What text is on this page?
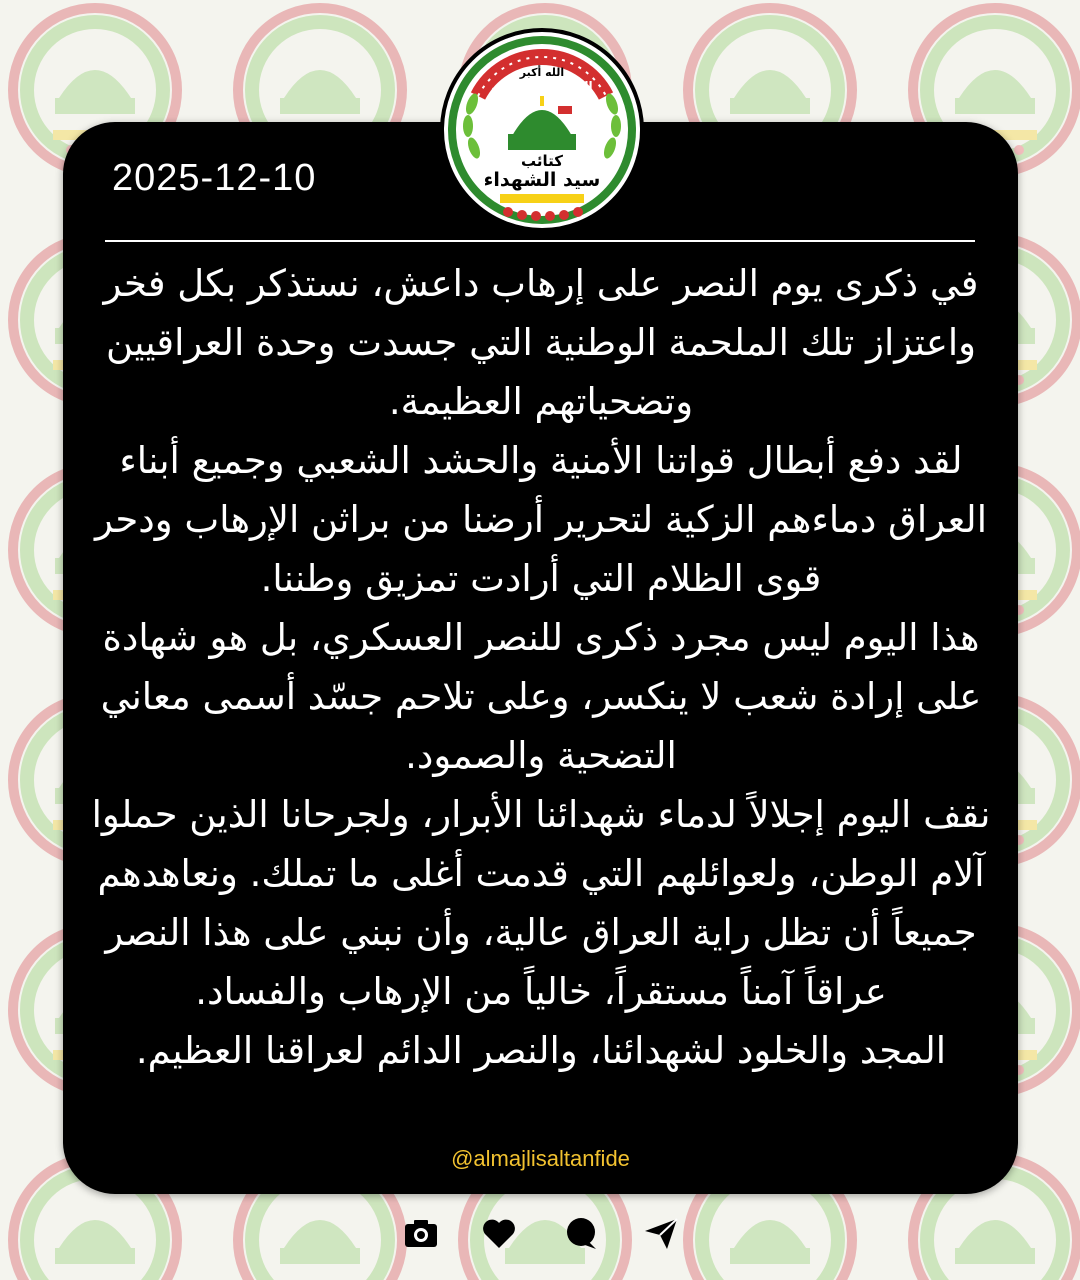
2025-12-10
الله أكبر
المجلس التنفيذي
كتائب
سيد الشهداء

في ذكرى يوم النصر على إرهاب داعش، نستذكر بكل فخر واعتزاز تلك الملحمة الوطنية التي جسدت وحدة العراقيين وتضحياتهم العظيمة.

لقد دفع أبطال قواتنا الأمنية والحشد الشعبي وجميع أبناء العراق دماءهم الزكية لتحرير أرضنا من براثن الإرهاب ودحر قوى الظلام التي أرادت تمزيق وطننا.

هذا اليوم ليس مجرد ذكرى للنصر العسكري، بل هو شهادة على إرادة شعب لا ينكسر، وعلى تلاحم جسّد أسمى معاني التضحية والصمود.

نقف اليوم إجلالاً لدماء شهدائنا الأبرار، ولجرحانا الذين حملوا آلام الوطن، ولعوائلهم التي قدمت أغلى ما تملك. ونعاهدهم جميعاً أن تظل راية العراق عالية، وأن نبني على هذا النصر عراقاً آمناً مستقراً، خالياً من الإرهاب والفساد.

المجد والخلود لشهدائنا، والنصر الدائم لعراقنا العظيم.

@almajlisaltanfide
